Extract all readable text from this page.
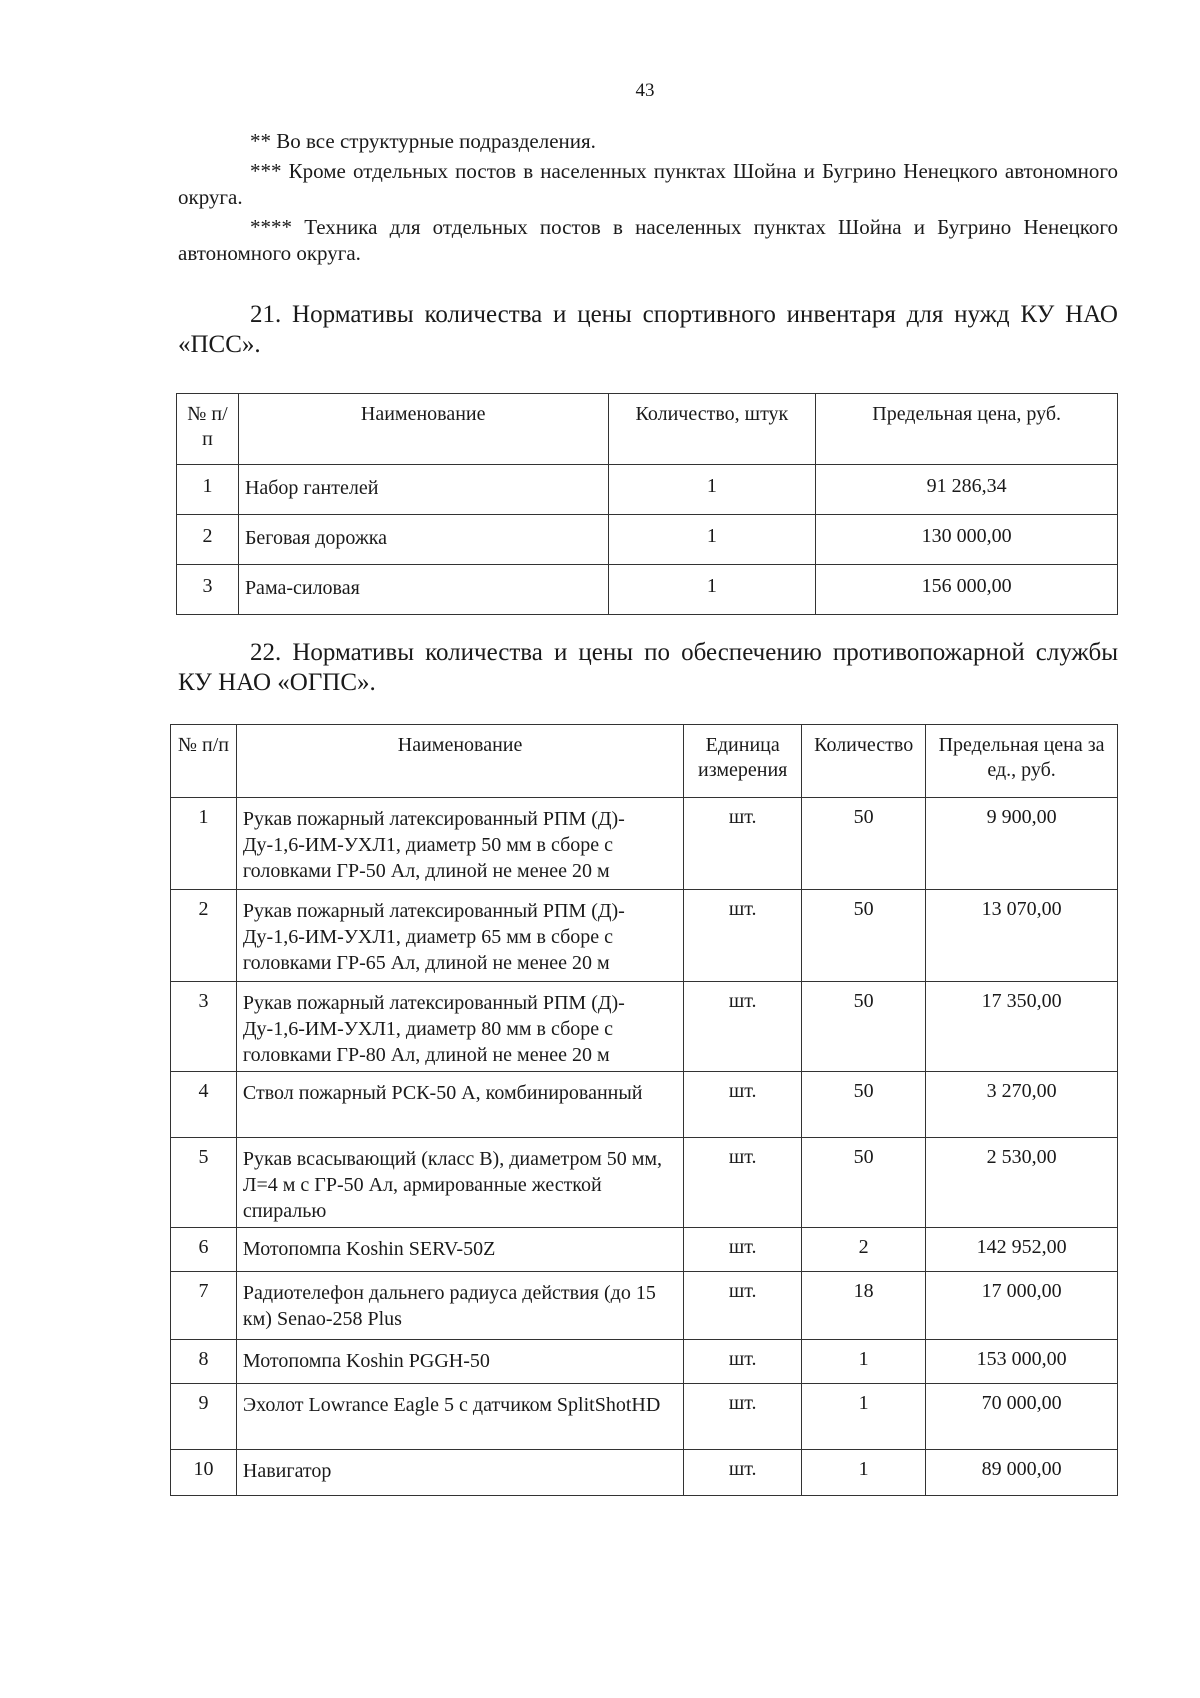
43
** Во все структурные подразделения.
*** Кроме отдельных постов в населенных пунктах Шойна и Бугрино Ненецкого автономного округа.
**** Техника для отдельных постов в населенных пунктах Шойна и Бугрино Ненецкого автономного округа.
21. Нормативы количества и цены спортивного инвентаря для нужд КУ НАО «ПСС».
№ п/п	Наименование	Количество, штук	Предельная цена, руб.
1	Набор гантелей	1	91 286,34
2	Беговая дорожка	1	130 000,00
3	Рама-силовая	1	156 000,00
22. Нормативы количества и цены по обеспечению противопожарной службы КУ НАО «ОГПС».
№ п/п	Наименование	Единица измерения	Количество	Предельная цена за ед., руб.
1	Рукав пожарный латексированный РПМ (Д)-Ду-1,6-ИМ-УХЛ1, диаметр 50 мм в сборе с головками ГР-50 Ал, длиной не менее 20 м	шт.	50	9 900,00
2	Рукав пожарный латексированный РПМ (Д)-Ду-1,6-ИМ-УХЛ1, диаметр 65 мм в сборе с головками ГР-65 Ал, длиной не менее 20 м	шт.	50	13 070,00
3	Рукав пожарный латексированный РПМ (Д)-Ду-1,6-ИМ-УХЛ1, диаметр 80 мм в сборе с головками ГР-80 Ал, длиной не менее 20 м	шт.	50	17 350,00
4	Ствол пожарный РСК-50 А, комбинированный	шт.	50	3 270,00
5	Рукав всасывающий (класс В), диаметром 50 мм, Л=4 м с ГР-50 Ал, армированные жесткой спиралью	шт.	50	2 530,00
6	Мотопомпа Koshin SERV-50Z	шт.	2	142 952,00
7	Радиотелефон дальнего радиуса действия (до 15 км) Senao-258 Plus	шт.	18	17 000,00
8	Мотопомпа Koshin PGGH-50	шт.	1	153 000,00
9	Эхолот Lowrance Eagle 5 с датчиком SplitShotHD	шт.	1	70 000,00
10	Навигатор	шт.	1	89 000,00
